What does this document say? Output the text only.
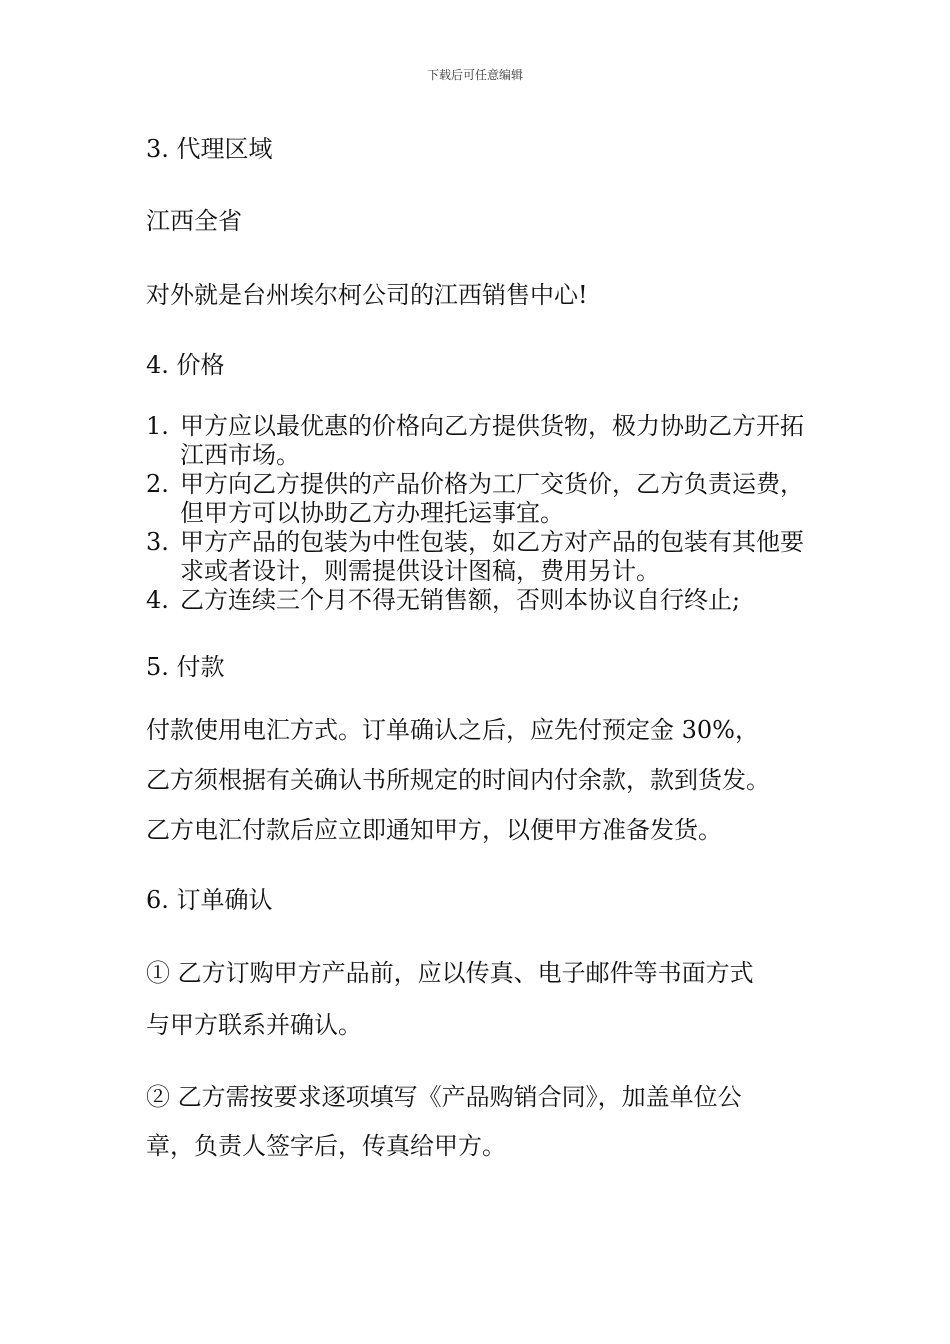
下载后可任意编辑
3. 代理区域
江西全省
对外就是台州埃尔柯公司的江西销售中心!
4. 价格
1. 甲方应以最优惠的价格向乙方提供货物，极力协助乙方开拓江西市场。
2. 甲方向乙方提供的产品价格为工厂交货价，乙方负责运费，但甲方可以协助乙方办理托运事宜。
3. 甲方产品的包装为中性包装，如乙方对产品的包装有其他要求或者设计，则需提供设计图稿，费用另计。
4. 乙方连续三个月不得无销售额，否则本协议自行终止;
5. 付款
付款使用电汇方式。订单确认之后，应先付预定金 30%，
乙方须根据有关确认书所规定的时间内付余款，款到货发。
乙方电汇付款后应立即通知甲方，以便甲方准备发货。
6. 订单确认
① 乙方订购甲方产品前，应以传真、电子邮件等书面方式
与甲方联系并确认。
② 乙方需按要求逐项填写《产品购销合同》，加盖单位公
章，负责人签字后，传真给甲方。
